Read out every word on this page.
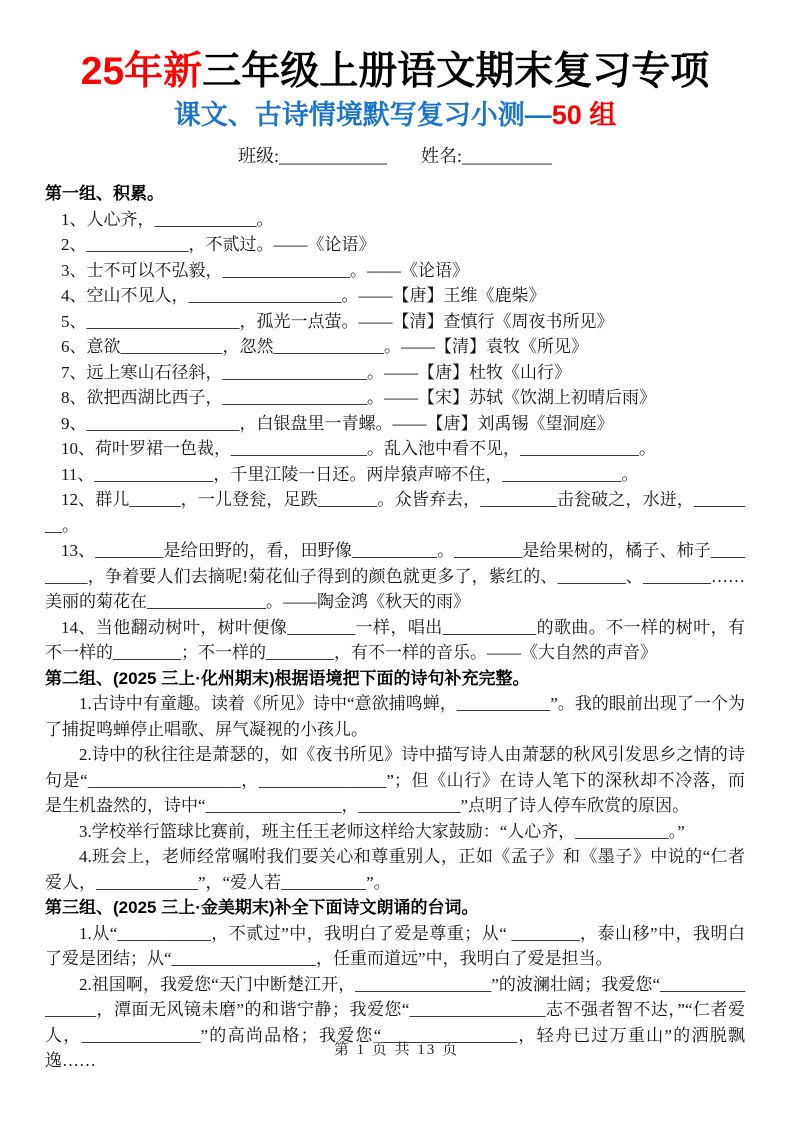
25年新三年级上册语文期末复习专项
课文、古诗情境默写复习小测—50 组
班级:____________ 姓名:__________

第一组、积累。

1、人心齐，____________。

2、____________，不贰过。——《论语》

3、士不可以不弘毅，_______________。——《论语》

4、空山不见人，__________________。——【唐】王维《鹿柴》

5、__________________，孤光一点萤。——【清】查慎行《周夜书所见》

6、意欲____________，忽然_____________。——【清】袁牧《所见》

7、远上寒山石径斜，_________________。——【唐】杜牧《山行》

8、欲把西湖比西子，_________________。——【宋】苏轼《饮湖上初晴后雨》

9、__________________，白银盘里一青螺。——【唐】刘禹锡《望洞庭》

10、荷叶罗裙一色裁，________________。乱入池中看不见，______________。

11、______________，千里江陵一日还。两岸猿声啼不住，______________。

12、群儿______，一儿登瓮，足跌_______。众皆弃去，_________击瓮破之，水迸，________。

13、________是给田野的，看，田野像__________。________是给果树的，橘子、柿子_________，争着要人们去摘呢!菊花仙子得到的颜色就更多了，紫红的、________、________……美丽的菊花在______________。——陶金鸿《秋天的雨》

14、当他翻动树叶，树叶便像________一样，唱出___________的歌曲。不一样的树叶，有不一样的________；不一样的________，有不一样的音乐。——《大自然的声音》

第二组、(2025 三上·化州期末)根据语境把下面的诗句补充完整。

1.古诗中有童趣。读着《所见》诗中“意欲捕鸣蝉，___________”。我的眼前出现了一个为了捕捉鸣蝉停止唱歌、屏气凝视的小孩儿。

2.诗中的秋往往是萧瑟的，如《夜书所见》诗中描写诗人由萧瑟的秋风引发思乡之情的诗句是“__________________，_______________”；但《山行》在诗人笔下的深秋却不冷落，而是生机盎然的，诗中“________________，____________”点明了诗人停车欣赏的原因。

3.学校举行篮球比赛前，班主任王老师这样给大家鼓励：“人心齐，___________。”

4.班会上，老师经常嘱咐我们要关心和尊重别人，正如《孟子》和《墨子》中说的“仁者爱人，____________”，“爱人若__________”。

第三组、(2025 三上·金美期末)补全下面诗文朗诵的台词。

1.从“___________，不贰过”中，我明白了爱是尊重；从“ ________，泰山移”中，我明白了爱是团结；从“_________________，任重而道远”中，我明白了爱是担当。

2.祖国啊，我爱您“天门中断楚江开，________________”的波澜壮阔；我爱您“________________，潭面无风镜未磨”的和谐宁静；我爱您“________________志不强者智不达，”“仁者爱人，______________”的高尚品格；我爱您“________________，轻舟已过万重山”的洒脱飘逸……

第 1 页 共 13 页
